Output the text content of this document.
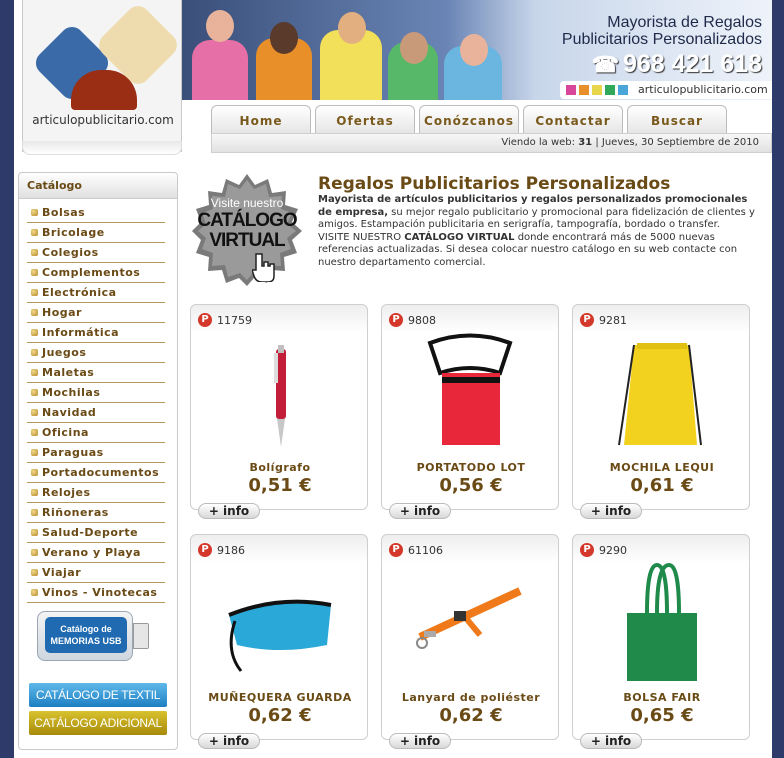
articulopublicitario.com
Mayorista de Regalos
Publicitarios Personalizados
☎ 968 421 618
articulopublicitario.com
Home	Ofertas	Conózcanos	Contactar	Buscar
Viendo la web: 31 | Jueves, 30 Septiembre de 2010
Catálogo
Bolsas
Bricolage
Colegios
Complementos
Electrónica
Hogar
Informática
Juegos
Maletas
Mochilas
Navidad
Oficina
Paraguas
Portadocumentos
Relojes
Riñoneras
Salud-Deporte
Verano y Playa
Viajar
Vinos - Vinotecas
Catálogo de
MEMORIAS USB
CATÁLOGO DE TEXTIL
CATÁLOGO ADICIONAL
Visite nuestro
CATÁLOGO
VIRTUAL
Regalos Publicitarios Personalizados
Mayorista de artículos publicitarios y regalos personalizados promocionales de empresa, su mejor regalo publicitario y promocional para fidelización de clientes y amigos. Estampación publicitaria en serigrafía, tampografía, bordado o transfer.
VISITE NUESTRO CATÁLOGO VIRTUAL donde encontrará más de 5000 nuevas referencias actualizadas. Si desea colocar nuestro catálogo en su web contacte con nuestro departamento comercial.
P 11759
Bolígrafo
0,51 €
+ info
P 9808
PORTATODO LOT
0,56 €
+ info
P 9281
MOCHILA LEQUI
0,61 €
+ info
P 9186
MUÑEQUERA GUARDA
0,62 €
+ info
P 61106
Lanyard de poliéster
0,62 €
+ info
P 9290
BOLSA FAIR
0,65 €
+ info
